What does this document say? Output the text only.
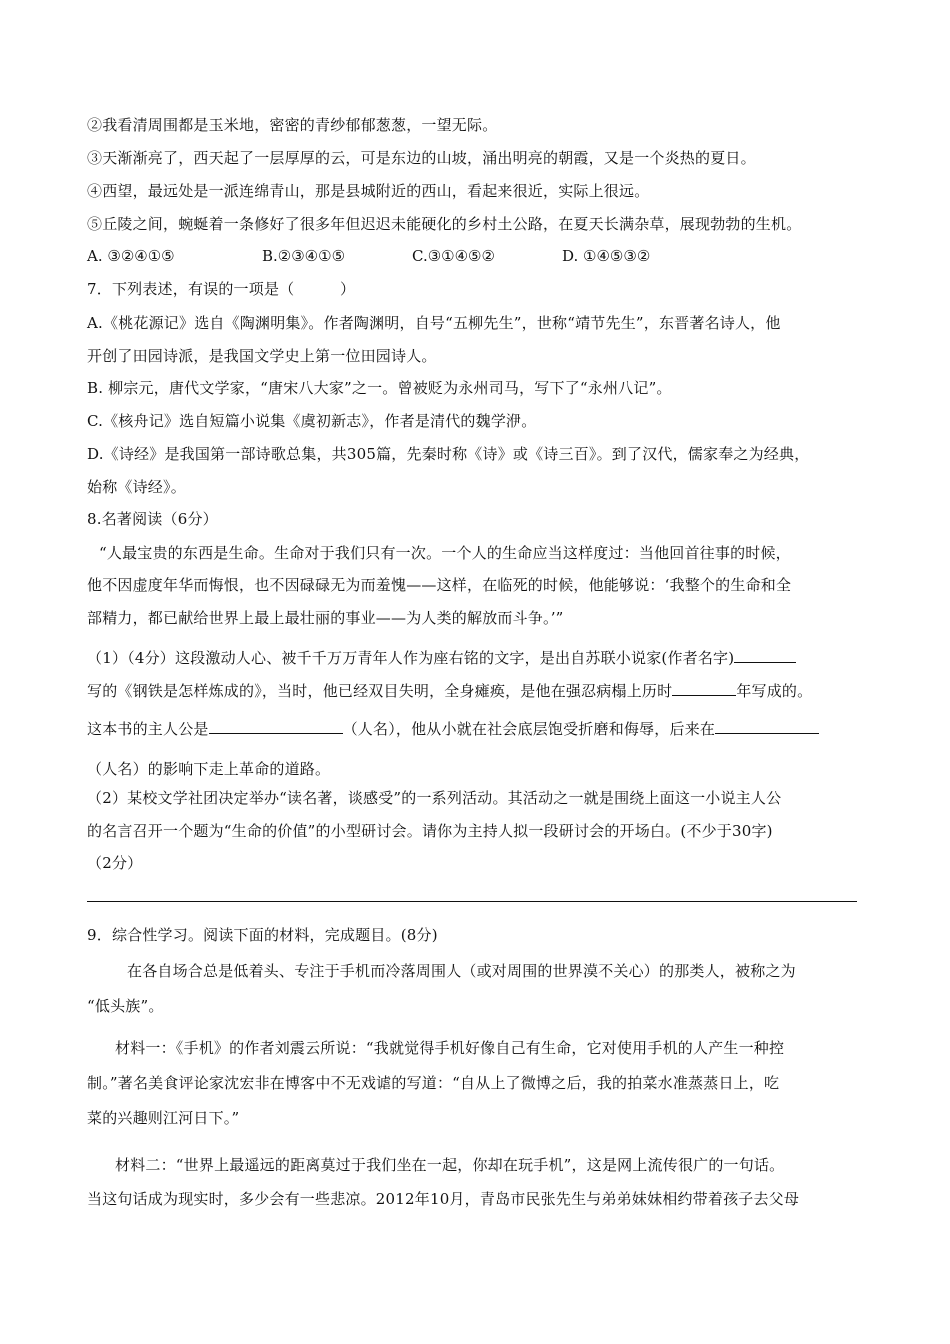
②我看清周围都是玉米地，密密的青纱郁郁葱葱，一望无际。
③天渐渐亮了，西天起了一层厚厚的云，可是东边的山坡，涌出明亮的朝霞，又是一个炎热的夏日。
④西望，最远处是一派连绵青山，那是县城附近的西山，看起来很近，实际上很远。
⑤丘陵之间，蜿蜒着一条修好了很多年但迟迟未能硬化的乡村土公路，在夏天长满杂草，展现勃勃的生机。
A. ③②④①⑤	B.②③④①⑤	C.③①④⑤②	D. ①④⑤③②
7．下列表述，有误的一项是（　　　）
A.《桃花源记》选自《陶渊明集》。作者陶渊明，自号“五柳先生”，世称“靖节先生”，东晋著名诗人，他
开创了田园诗派，是我国文学史上第一位田园诗人。
B. 柳宗元，唐代文学家，“唐宋八大家”之一。曾被贬为永州司马，写下了“永州八记”。
C.《核舟记》选自短篇小说集《虞初新志》，作者是清代的魏学洢。
D.《诗经》是我国第一部诗歌总集，共305篇，先秦时称《诗》或《诗三百》。到了汉代，儒家奉之为经典，
始称《诗经》。
8.名著阅读（6分）
“人最宝贵的东西是生命。生命对于我们只有一次。一个人的生命应当这样度过：当他回首往事的时候，
他不因虚度年华而悔恨，也不因碌碌无为而羞愧——这样，在临死的时候，他能够说：‘我整个的生命和全
部精力，都已献给世界上最上最壮丽的事业——为人类的解放而斗争。’”
（1）（4分）这段激动人心、被千千万万青年人作为座右铭的文字，是出自苏联小说家(作者名字)
写的《钢铁是怎样炼成的》，当时，他已经双目失明，全身瘫痪，是他在强忍病榻上历时	年写成的。
这本书的主人公是	（人名），他从小就在社会底层饱受折磨和侮辱，后来在
（人名）的影响下走上革命的道路。
（2）某校文学社团决定举办“读名著，谈感受”的一系列活动。其活动之一就是围绕上面这一小说主人公
的名言召开一个题为“生命的价值”的小型研讨会。请你为主持人拟一段研讨会的开场白。(不少于30字)
（2分）
9．综合性学习。阅读下面的材料，完成题目。(8分)
在各自场合总是低着头、专注于手机而冷落周围人（或对周围的世界漠不关心）的那类人，被称之为
“低头族”。
材料一：《手机》的作者刘震云所说：“我就觉得手机好像自己有生命，它对使用手机的人产生一种控
制。”著名美食评论家沈宏非在博客中不无戏谑的写道：“自从上了微博之后，我的拍菜水准蒸蒸日上，吃
菜的兴趣则江河日下。”
材料二：“世界上最遥远的距离莫过于我们坐在一起，你却在玩手机”，这是网上流传很广的一句话。
当这句话成为现实时，多少会有一些悲凉。2012年10月，青岛市民张先生与弟弟妹妹相约带着孩子去父母
